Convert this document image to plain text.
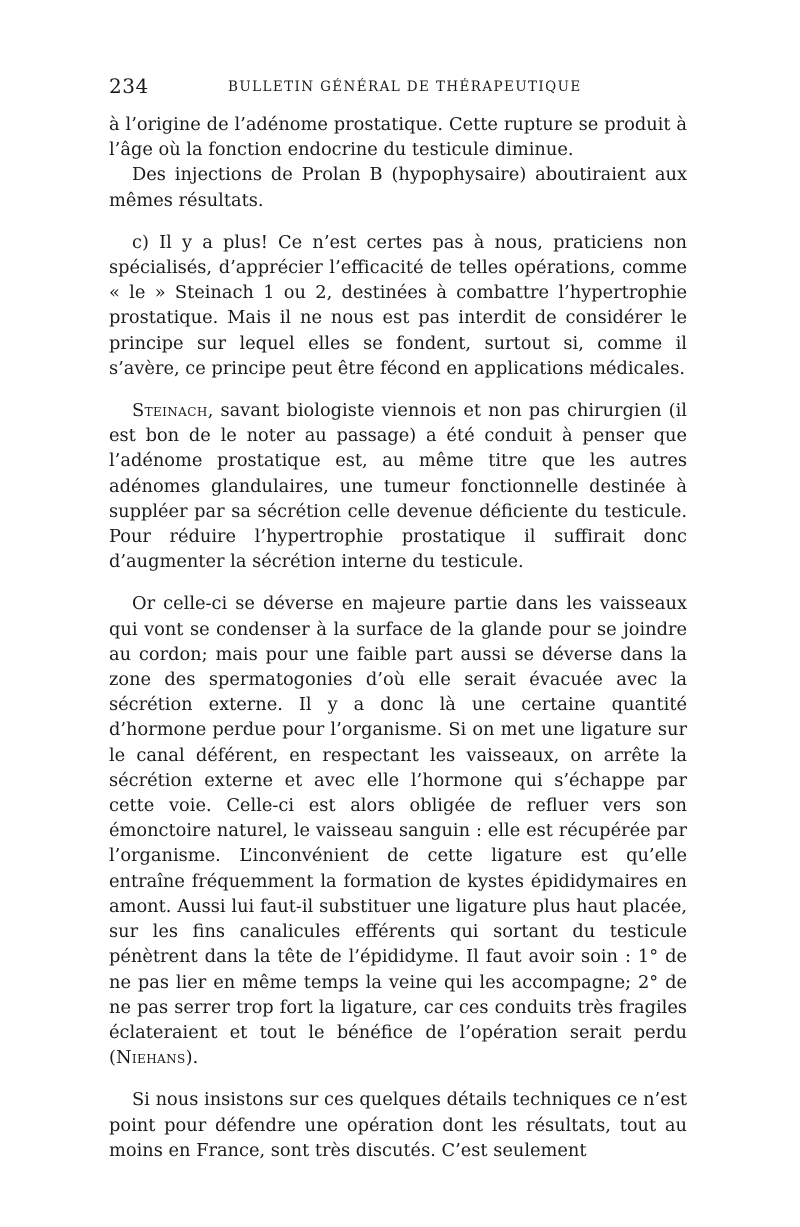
234	BULLETIN GÉNÉRAL DE THÉRAPEUTIQUE

à l’origine de l’adénome prostatique. Cette rupture se produit à l’âge où la fonction endocrine du testicule diminue.

Des injections de Prolan B (hypophysaire) aboutiraient aux mêmes résultats.

c) Il y a plus! Ce n’est certes pas à nous, praticiens non spécialisés, d’apprécier l’efficacité de telles opérations, comme « le » Steinach 1 ou 2, destinées à combattre l’hypertrophie prostatique. Mais il ne nous est pas interdit de considérer le principe sur lequel elles se fondent, surtout si, comme il s’avère, ce principe peut être fécond en applications médicales.

Steinach, savant biologiste viennois et non pas chirurgien (il est bon de le noter au passage) a été conduit à penser que l’adénome prostatique est, au même titre que les autres adénomes glandulaires, une tumeur fonctionnelle destinée à suppléer par sa sécrétion celle devenue déficiente du testicule. Pour réduire l’hypertrophie prostatique il suffirait donc d’augmenter la sécrétion interne du testicule.

Or celle-ci se déverse en majeure partie dans les vaisseaux qui vont se condenser à la surface de la glande pour se joindre au cordon; mais pour une faible part aussi se déverse dans la zone des spermatogonies d’où elle serait évacuée avec la sécrétion externe. Il y a donc là une certaine quantité d’hormone perdue pour l’organisme. Si on met une ligature sur le canal déférent, en respectant les vaisseaux, on arrête la sécrétion externe et avec elle l’hormone qui s’échappe par cette voie. Celle-ci est alors obligée de refluer vers son émonctoire naturel, le vaisseau sanguin : elle est récupérée par l’organisme. L’inconvénient de cette ligature est qu’elle entraîne fréquemment la formation de kystes épididymaires en amont. Aussi lui faut-il substituer une ligature plus haut placée, sur les fins canalicules efférents qui sortant du testicule pénètrent dans la tête de l’épididyme. Il faut avoir soin : 1° de ne pas lier en même temps la veine qui les accompagne; 2° de ne pas serrer trop fort la ligature, car ces conduits très fragiles éclateraient et tout le bénéfice de l’opération serait perdu (Niehans).

Si nous insistons sur ces quelques détails techniques ce n’est point pour défendre une opération dont les résultats, tout au moins en France, sont très discutés. C’est seulement
